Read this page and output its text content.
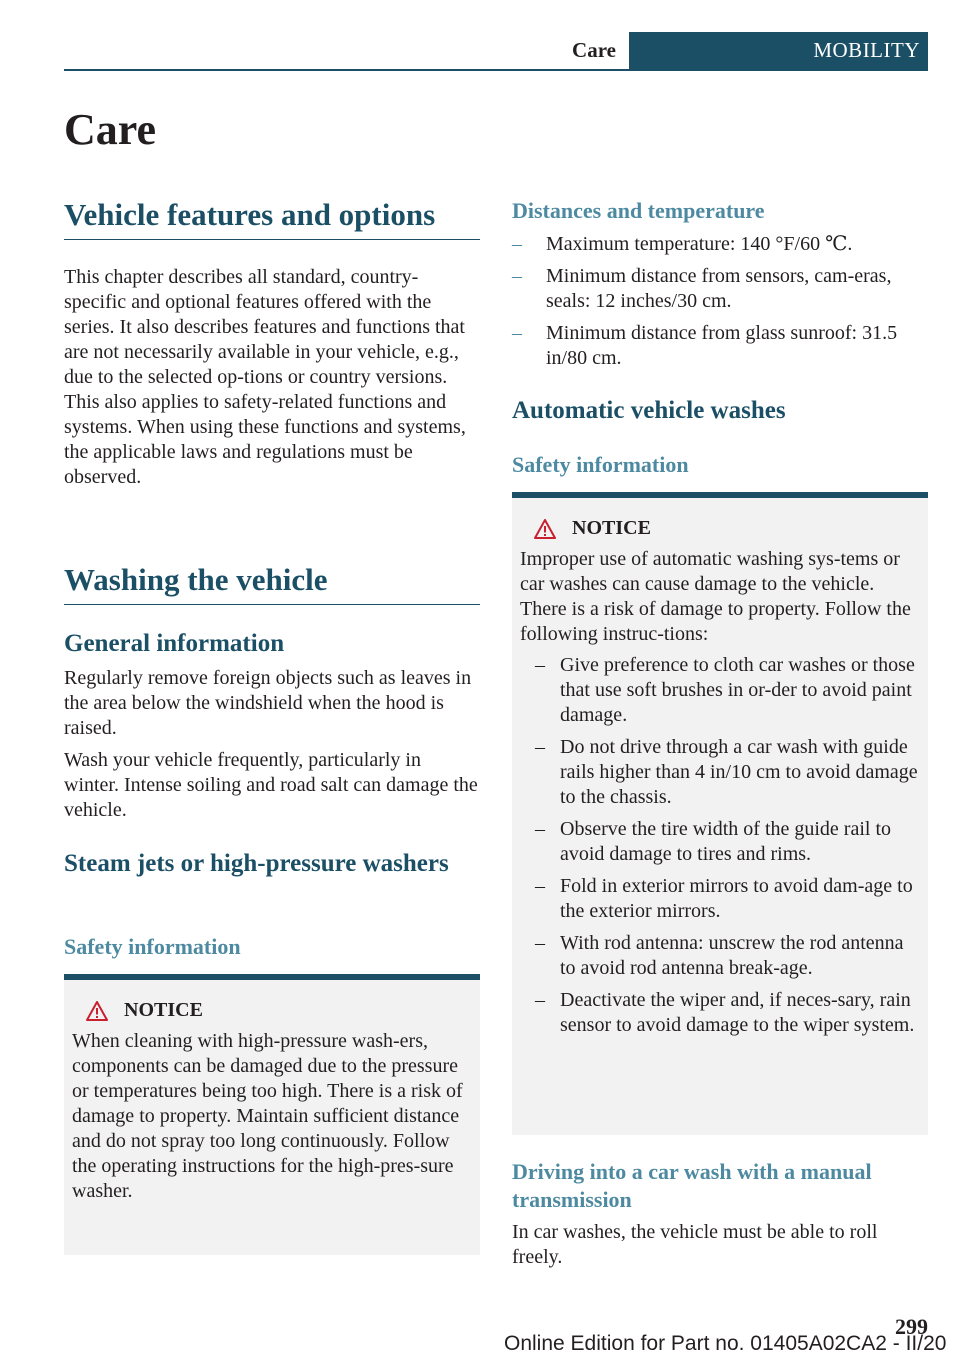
Care	MOBILITY
Care
Vehicle features and options

This chapter describes all standard, country-specific and optional features offered with the series. It also describes features and functions that are not necessarily available in your vehicle, e.g., due to the selected op-tions or country versions. This also applies to safety-related functions and systems. When using these functions and systems, the applicable laws and regulations must be observed.

Washing the vehicle
General information

Regularly remove foreign objects such as leaves in the area below the windshield when the hood is raised.

Wash your vehicle frequently, particularly in winter. Intense soiling and road salt can damage the vehicle.

Steam jets or high-pressure washers
Safety information
NOTICE

When cleaning with high-pressure wash-ers, components can be damaged due to the pressure or temperatures being too high. There is a risk of damage to property. Maintain sufficient distance and do not spray too long continuously. Follow the operating instructions for the high-pres-sure washer.

Distances and temperature
–	Maximum temperature: 140 °F/60 ℃.
–	Minimum distance from sensors, cam-eras, seals: 12 inches/30 cm.
–	Minimum distance from glass sunroof: 31.5 in/80 cm.
Automatic vehicle washes
Safety information
NOTICE

Improper use of automatic washing sys-tems or car washes can cause damage to the vehicle. There is a risk of damage to property. Follow the following instruc-tions:

– Give preference to cloth car washes or those that use soft brushes in or-der to avoid paint damage.
– Do not drive through a car wash with guide rails higher than 4 in/10 cm to avoid damage to the chassis.
– Observe the tire width of the guide rail to avoid damage to tires and rims.
– Fold in exterior mirrors to avoid dam-age to the exterior mirrors.
– With rod antenna: unscrew the rod antenna to avoid rod antenna break-age.
– Deactivate the wiper and, if neces-sary, rain sensor to avoid damage to the wiper system.
Driving into a car wash with a manual transmission

In car washes, the vehicle must be able to roll freely.

299
Online Edition for Part no. 01405A02CA2 - II/20
